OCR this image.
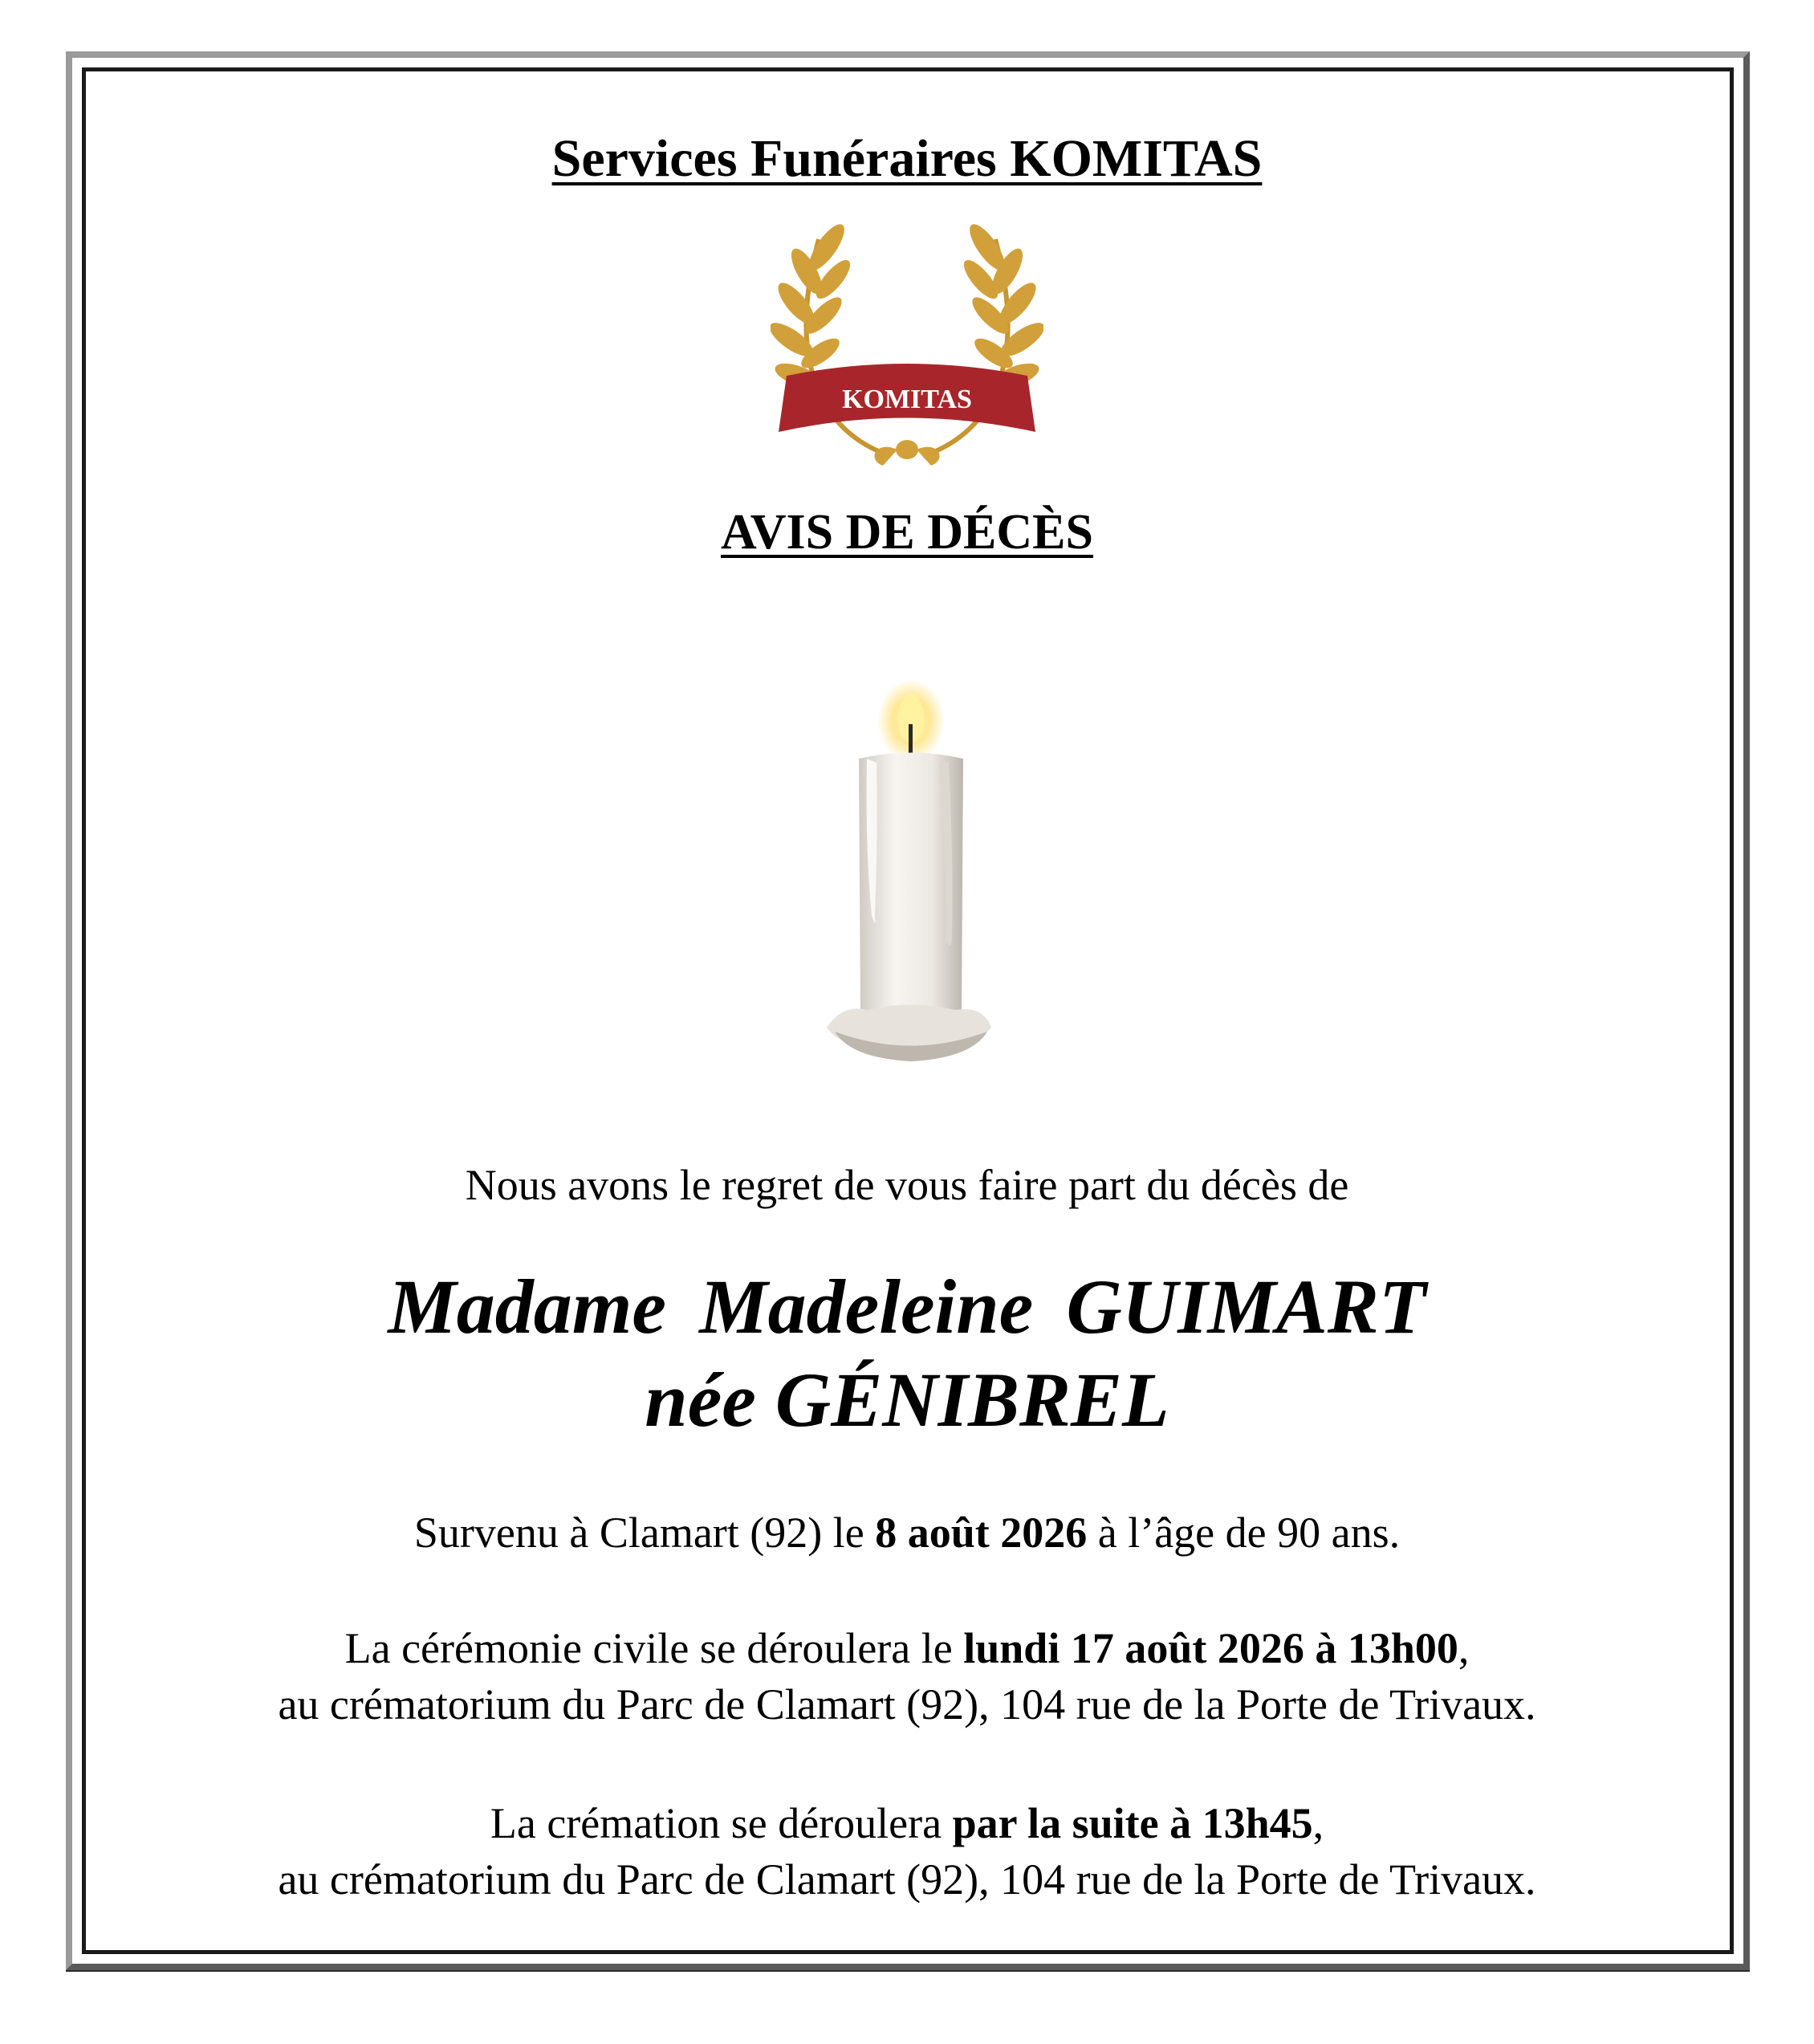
Services Funéraires KOMITAS
KOMITAS
AVIS DE DÉCÈS
Nous avons le regret de vous faire part du décès de
Madame Madeleine GUIMART
née GÉNIBREL
Survenu à Clamart (92) le 8 août 2026 à l’âge de 90 ans.
La cérémonie civile se déroulera le lundi 17 août 2026 à 13h00,
au crématorium du Parc de Clamart (92), 104 rue de la Porte de Trivaux.
La crémation se déroulera par la suite à 13h45,
au crématorium du Parc de Clamart (92), 104 rue de la Porte de Trivaux.
